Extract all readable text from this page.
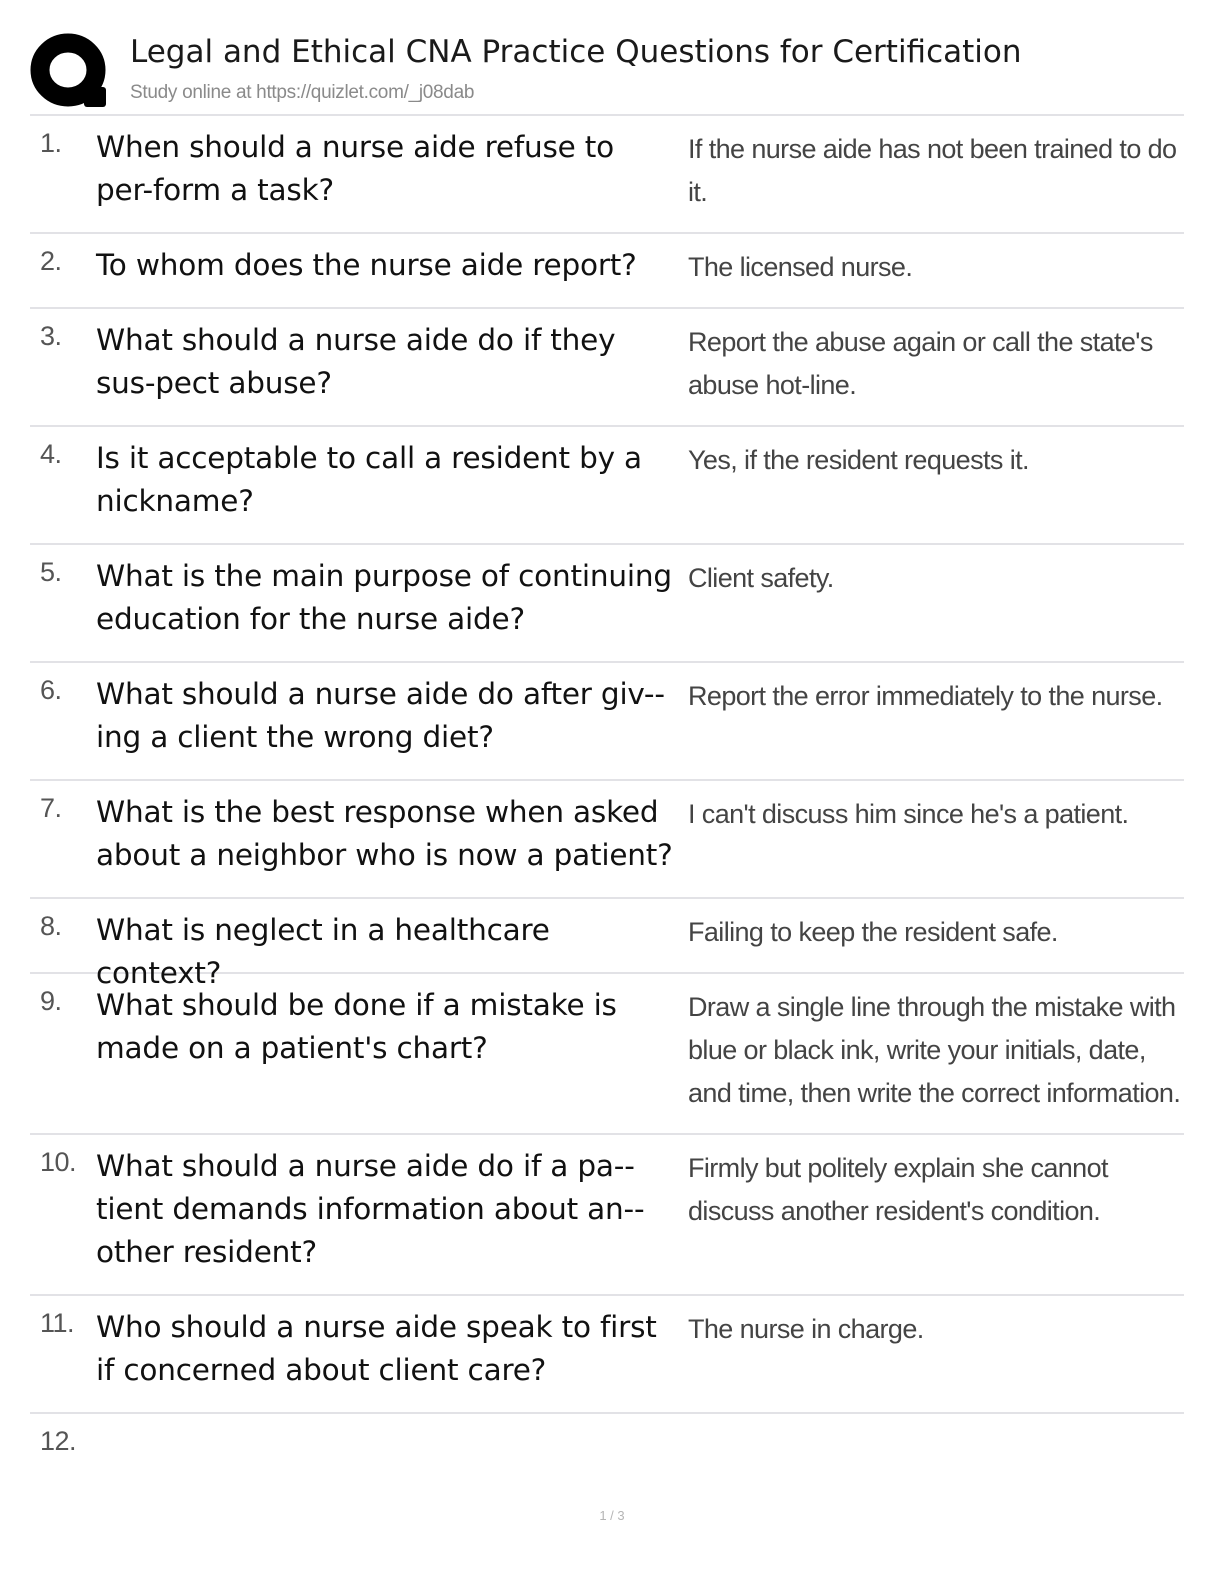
Legal and Ethical CNA Practice Questions for Certification
Study online at https://quizlet.com/_j08dab
1. When should a nurse aide refuse to per-form a task?
If the nurse aide has not been trained to do it.
2. To whom does the nurse aide report?	The licensed nurse.
3. What should a nurse aide do if they sus-pect abuse?
Report the abuse again or call the state's abuse hot-line.
4. Is it acceptable to call a resident by a nickname?
Yes, if the resident requests it.
5. What is the main purpose of continuing education for the nurse aide?
Client safety.
6. What should a nurse aide do after giv-ing a client the wrong diet?
Report the error immediately to the nurse.
7. What is the best response when asked about a neighbor who is now a patient?
I can't discuss him since he's a patient.
8. What is neglect in a healthcare context?
Failing to keep the resident safe.
9. What should be done if a mistake is made on a patient's chart?
Draw a single line through the mistake with blue or black ink, write your initials, date, and time, then write the correct information.
10. What should a nurse aide do if a pa-tient demands information about an-other resident?
Firmly but politely explain she cannot discuss another resident's condition.
11. Who should a nurse aide speak to first if concerned about client care?
The nurse in charge.
12.
1 / 3
